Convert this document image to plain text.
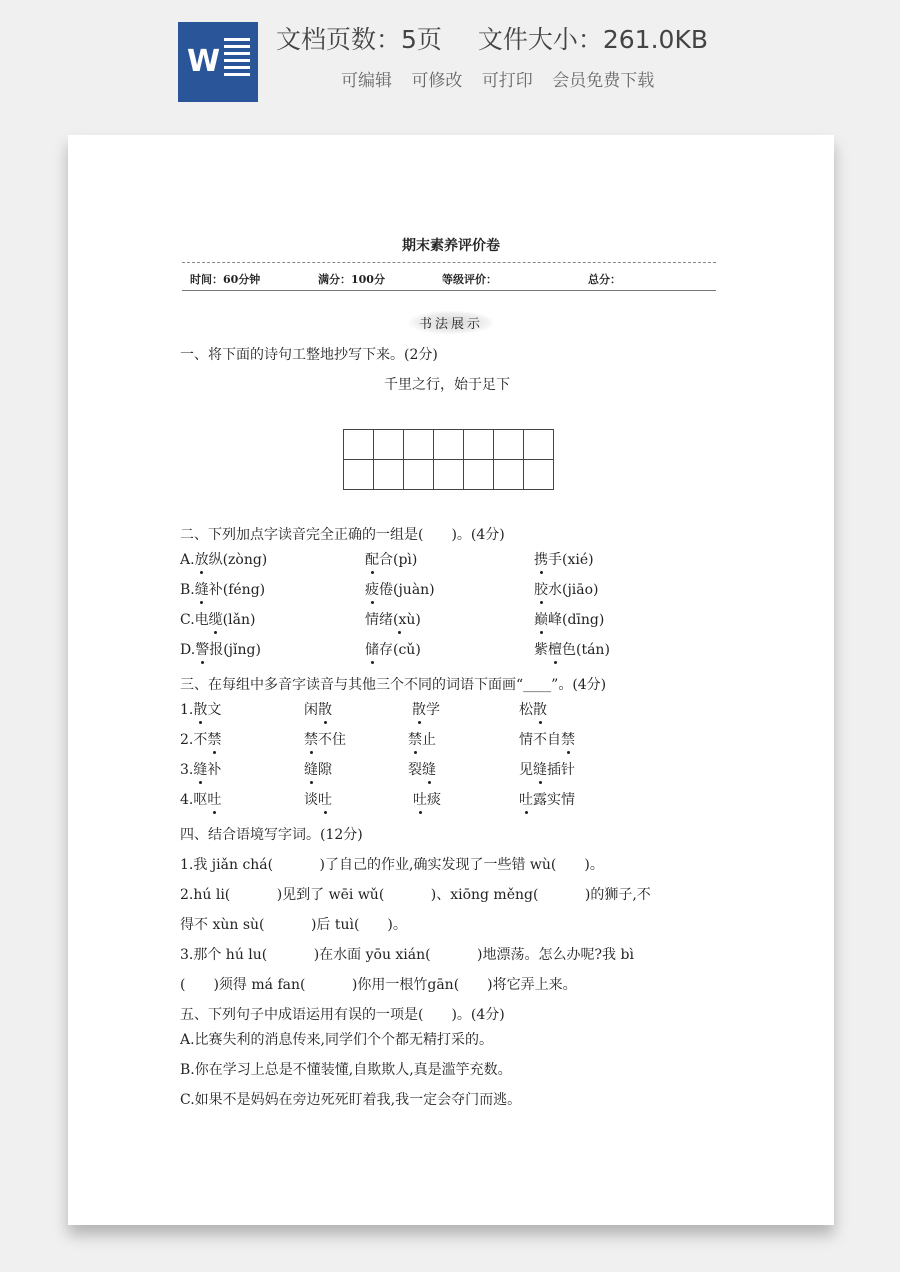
W
文档页数：5页 文件大小：261.0KB
可编辑 可修改 可打印 会员免费下载
期末素养评价卷
时间：60分钟	满分：100分	等级评价：	总分：
书法展示
一、将下面的诗句工整地抄写下来。(2分)
千里之行，始于足下

二、下列加点字读音完全正确的一组是(　　)。(4分)
A.放纵(zòng)	配合(pì)	携手(xié)
B.缝补(féng)	疲倦(juàn)	胶水(jiāo)
C.电缆(lǎn)	情绪(xù)	巅峰(dīng)
D.警报(jǐng)	储存(cǔ)	紫檀色(tán)
三、在每组中多音字读音与其他三个不同的词语下面画“____”。(4分)
1.散文	闲散	散学	松散
2.不禁	禁不住	禁止	情不自禁
3.缝补	缝隙	裂缝	见缝插针
4.呕吐	谈吐	吐痰	吐露实情
四、结合语境写字词。(12分)
1.我 jiǎn chá(　　　 )了自己的作业,确实发现了一些错 wù(　　)。
2.hú li(　　　 )见到了 wēi wǔ(　　　 )、xiōng měng(　　　 )的狮子,不
得不 xùn sù(　　　 )后 tuì(　　)。
3.那个 hú lu(　　　 )在水面 yōu xián(　　　 )地漂荡。怎么办呢?我 bì
(　　)须得 má fan(　　　 )你用一根竹gān(　　)将它弄上来。
五、下列句子中成语运用有误的一项是(　　)。(4分)
A.比赛失利的消息传来,同学们个个都无精打采的。
B.你在学习上总是不懂装懂,自欺欺人,真是滥竽充数。
C.如果不是妈妈在旁边死死盯着我,我一定会夺门而逃。
